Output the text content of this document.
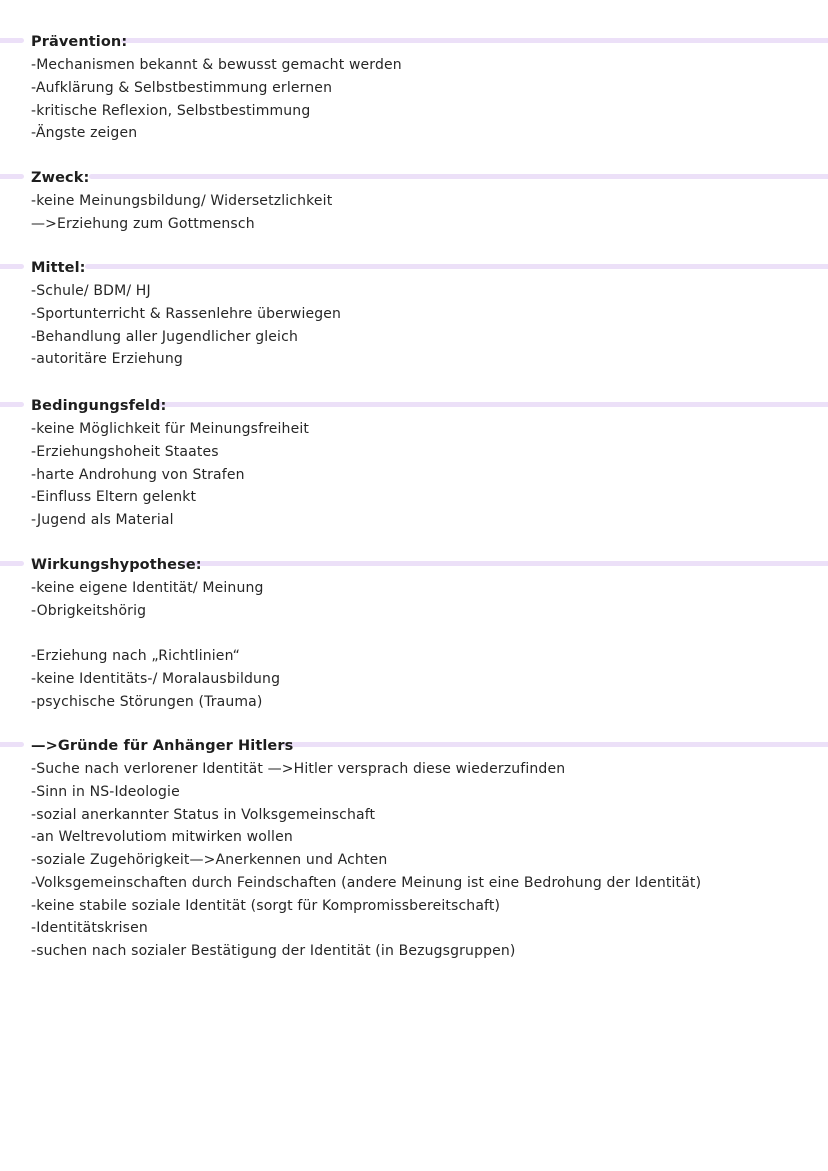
Prävention:
-Mechanismen bekannt & bewusst gemacht werden
-Aufklärung & Selbstbestimmung erlernen
-kritische Reflexion, Selbstbestimmung
-Ängste zeigen
Zweck:
-keine Meinungsbildung/ Widersetzlichkeit
—>Erziehung zum Gottmensch
Mittel:
-Schule/ BDM/ HJ
-Sportunterricht & Rassenlehre überwiegen
-Behandlung aller Jugendlicher gleich
-autoritäre Erziehung
Bedingungsfeld:
-keine Möglichkeit für Meinungsfreiheit
-Erziehungshoheit Staates
-harte Androhung von Strafen
-Einfluss Eltern gelenkt
-Jugend als Material
Wirkungshypothese:
-keine eigene Identität/ Meinung
-Obrigkeitshörig
-Erziehung nach „Richtlinien“
-keine Identitäts-/ Moralausbildung
-psychische Störungen (Trauma)
—>Gründe für Anhänger Hitlers
-Suche nach verlorener Identität —>Hitler versprach diese wiederzufinden
-Sinn in NS-Ideologie
-sozial anerkannter Status in Volksgemeinschaft
-an Weltrevolutiom mitwirken wollen
-soziale Zugehörigkeit—>Anerkennen und Achten
-Volksgemeinschaften durch Feindschaften (andere Meinung ist eine Bedrohung der Identität)
-keine stabile soziale Identität (sorgt für Kompromissbereitschaft)
-Identitätskrisen
-suchen nach sozialer Bestätigung der Identität (in Bezugsgruppen)
